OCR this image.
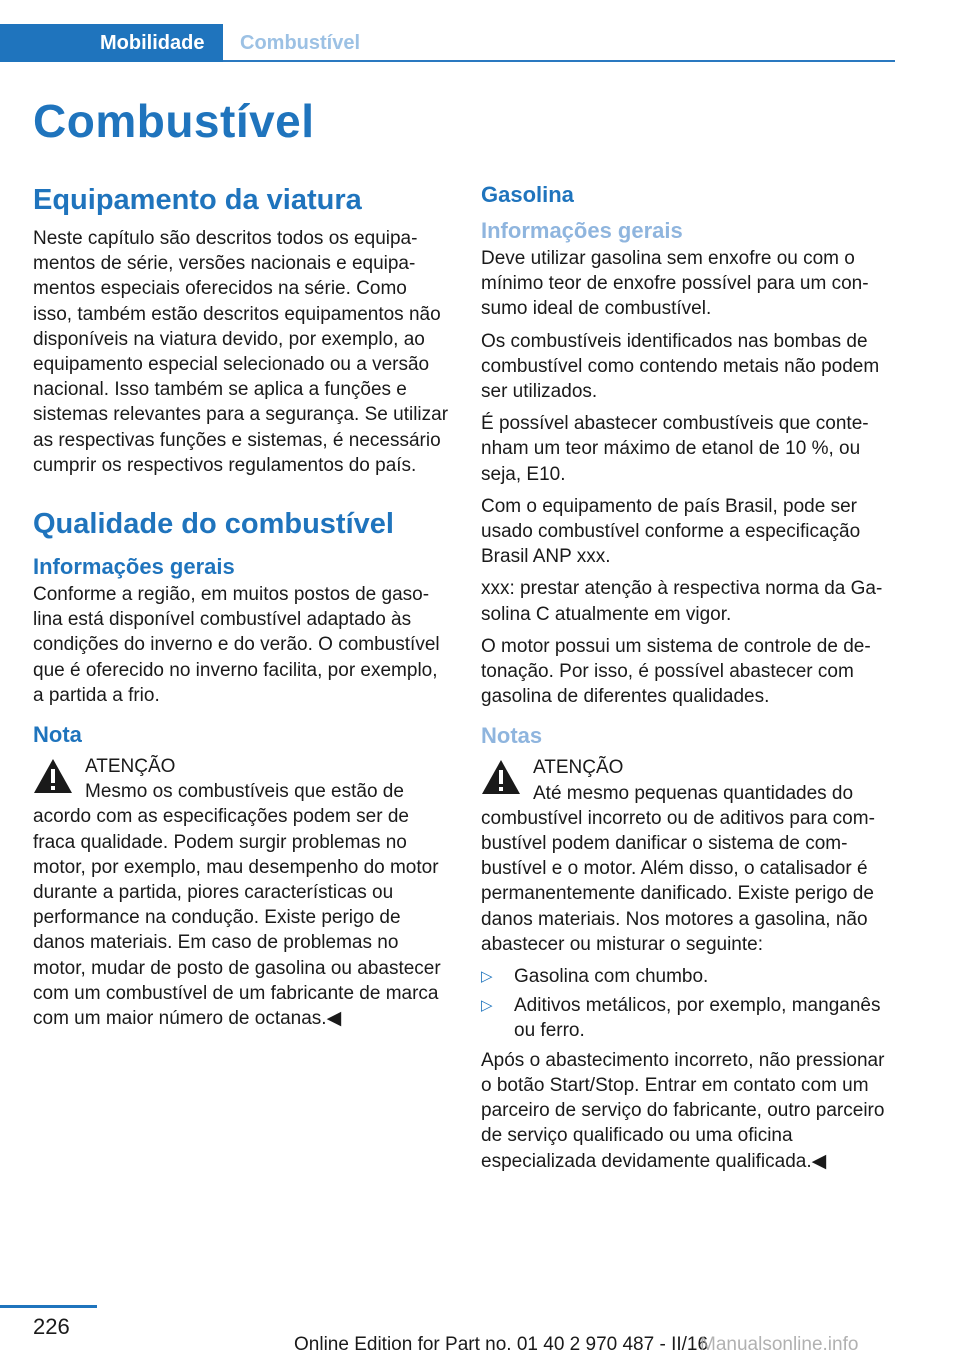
Mobilidade	Combustível
Combustível
Equipamento da viatura

Neste capítulo são descritos todos os equipamentos de série, versões nacionais e equipamentos especiais oferecidos na série. Como isso, também estão descritos equipamentos não disponíveis na viatura devido, por exemplo, ao equipamento especial selecionado ou a versão nacional. Isso também se aplica a funções e sistemas relevantes para a segurança. Se utilizar as respectivas funções e sistemas, é necessário cumprir os respectivos regulamentos do país.

Qualidade do combustível
Informações gerais

Conforme a região, em muitos postos de gasolina está disponível combustível adaptado às condições do inverno e do verão. O combustível que é oferecido no inverno facilita, por exemplo, a partida a frio.

Nota
ATENÇÃO
Mesmo os combustíveis que estão de

acordo com as especificações podem ser de fraca qualidade. Podem surgir problemas no motor, por exemplo, mau desempenho do motor durante a partida, piores características ou performance na condução. Existe perigo de danos materiais. Em caso de problemas no motor, mudar de posto de gasolina ou abastecer com um combustível de um fabricante de marca com um maior número de octanas.◀

Gasolina
Informações gerais

Deve utilizar gasolina sem enxofre ou com o mínimo teor de enxofre possível para um consumo ideal de combustível.

Os combustíveis identificados nas bombas de combustível como contendo metais não podem ser utilizados.

É possível abastecer combustíveis que contenham um teor máximo de etanol de 10 %, ou seja, E10.

Com o equipamento de país Brasil, pode ser usado combustível conforme a especificação Brasil ANP xxx.

xxx: prestar atenção à respectiva norma da Gasolina C atualmente em vigor.

O motor possui um sistema de controle de detonação. Por isso, é possível abastecer com gasolina de diferentes qualidades.

Notas
ATENÇÃO
Até mesmo pequenas quantidades do

combustível incorreto ou de aditivos para combustível podem danificar o sistema de combustível e o motor. Além disso, o catalisador é permanentemente danificado. Existe perigo de danos materiais. Nos motores a gasolina, não abastecer ou misturar o seguinte:

▷ Gasolina com chumbo.
▷ Aditivos metálicos, por exemplo, manganês ou ferro.

Após o abastecimento incorreto, não pressionar o botão Start/Stop. Entrar em contato com um parceiro de serviço do fabricante, outro parceiro de serviço qualificado ou uma oficina especializada devidamente qualificada.◀

226
Online Edition for Part no. 01 40 2 970 487 - II/16
Manualsonline.info
